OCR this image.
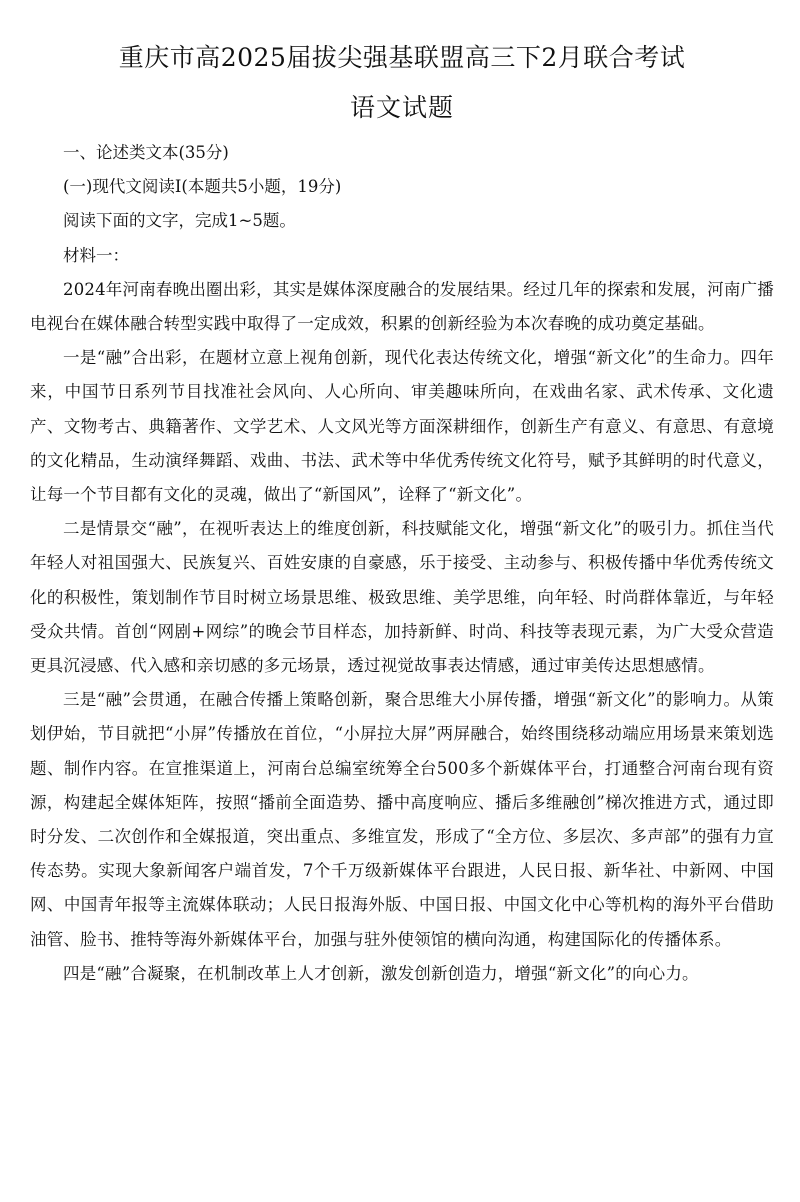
重庆市高2025届拔尖强基联盟高三下2月联合考试
语文试题

一、论述类文本(35分)

(一)现代文阅读Ⅰ(本题共5小题，19分)

阅读下面的文字，完成1~5题。

材料一：

2024年河南春晚出圈出彩，其实是媒体深度融合的发展结果。经过几年的探索和发展，河南广播电视台在媒体融合转型实践中取得了一定成效，积累的创新经验为本次春晚的成功奠定基础。

一是“融”合出彩，在题材立意上视角创新，现代化表达传统文化，增强“新文化”的生命力。四年来，中国节日系列节目找准社会风向、人心所向、审美趣味所向，在戏曲名家、武术传承、文化遗产、文物考古、典籍著作、文学艺术、人文风光等方面深耕细作，创新生产有意义、有意思、有意境的文化精品，生动演绎舞蹈、戏曲、书法、武术等中华优秀传统文化符号，赋予其鲜明的时代意义，让每一个节目都有文化的灵魂，做出了“新国风”，诠释了“新文化”。

二是情景交“融”，在视听表达上的维度创新，科技赋能文化，增强“新文化”的吸引力。抓住当代年轻人对祖国强大、民族复兴、百姓安康的自豪感，乐于接受、主动参与、积极传播中华优秀传统文化的积极性，策划制作节目时树立场景思维、极致思维、美学思维，向年轻、时尚群体靠近，与年轻受众共情。首创“网剧+网综”的晚会节目样态，加持新鲜、时尚、科技等表现元素，为广大受众营造更具沉浸感、代入感和亲切感的多元场景，透过视觉故事表达情感，通过审美传达思想感情。

三是“融”会贯通，在融合传播上策略创新，聚合思维大小屏传播，增强“新文化”的影响力。从策划伊始，节目就把“小屏”传播放在首位，“小屏拉大屏”两屏融合，始终围绕移动端应用场景来策划选题、制作内容。在宣推渠道上，河南台总编室统筹全台500多个新媒体平台，打通整合河南台现有资源，构建起全媒体矩阵，按照“播前全面造势、播中高度响应、播后多维融创”梯次推进方式，通过即时分发、二次创作和全媒报道，突出重点、多维宣发，形成了“全方位、多层次、多声部”的强有力宣传态势。实现大象新闻客户端首发，7个千万级新媒体平台跟进，人民日报、新华社、中新网、中国网、中国青年报等主流媒体联动；人民日报海外版、中国日报、中国文化中心等机构的海外平台借助油管、脸书、推特等海外新媒体平台，加强与驻外使领馆的横向沟通，构建国际化的传播体系。

四是“融”合凝聚，在机制改革上人才创新，激发创新创造力，增强“新文化”的向心力。
